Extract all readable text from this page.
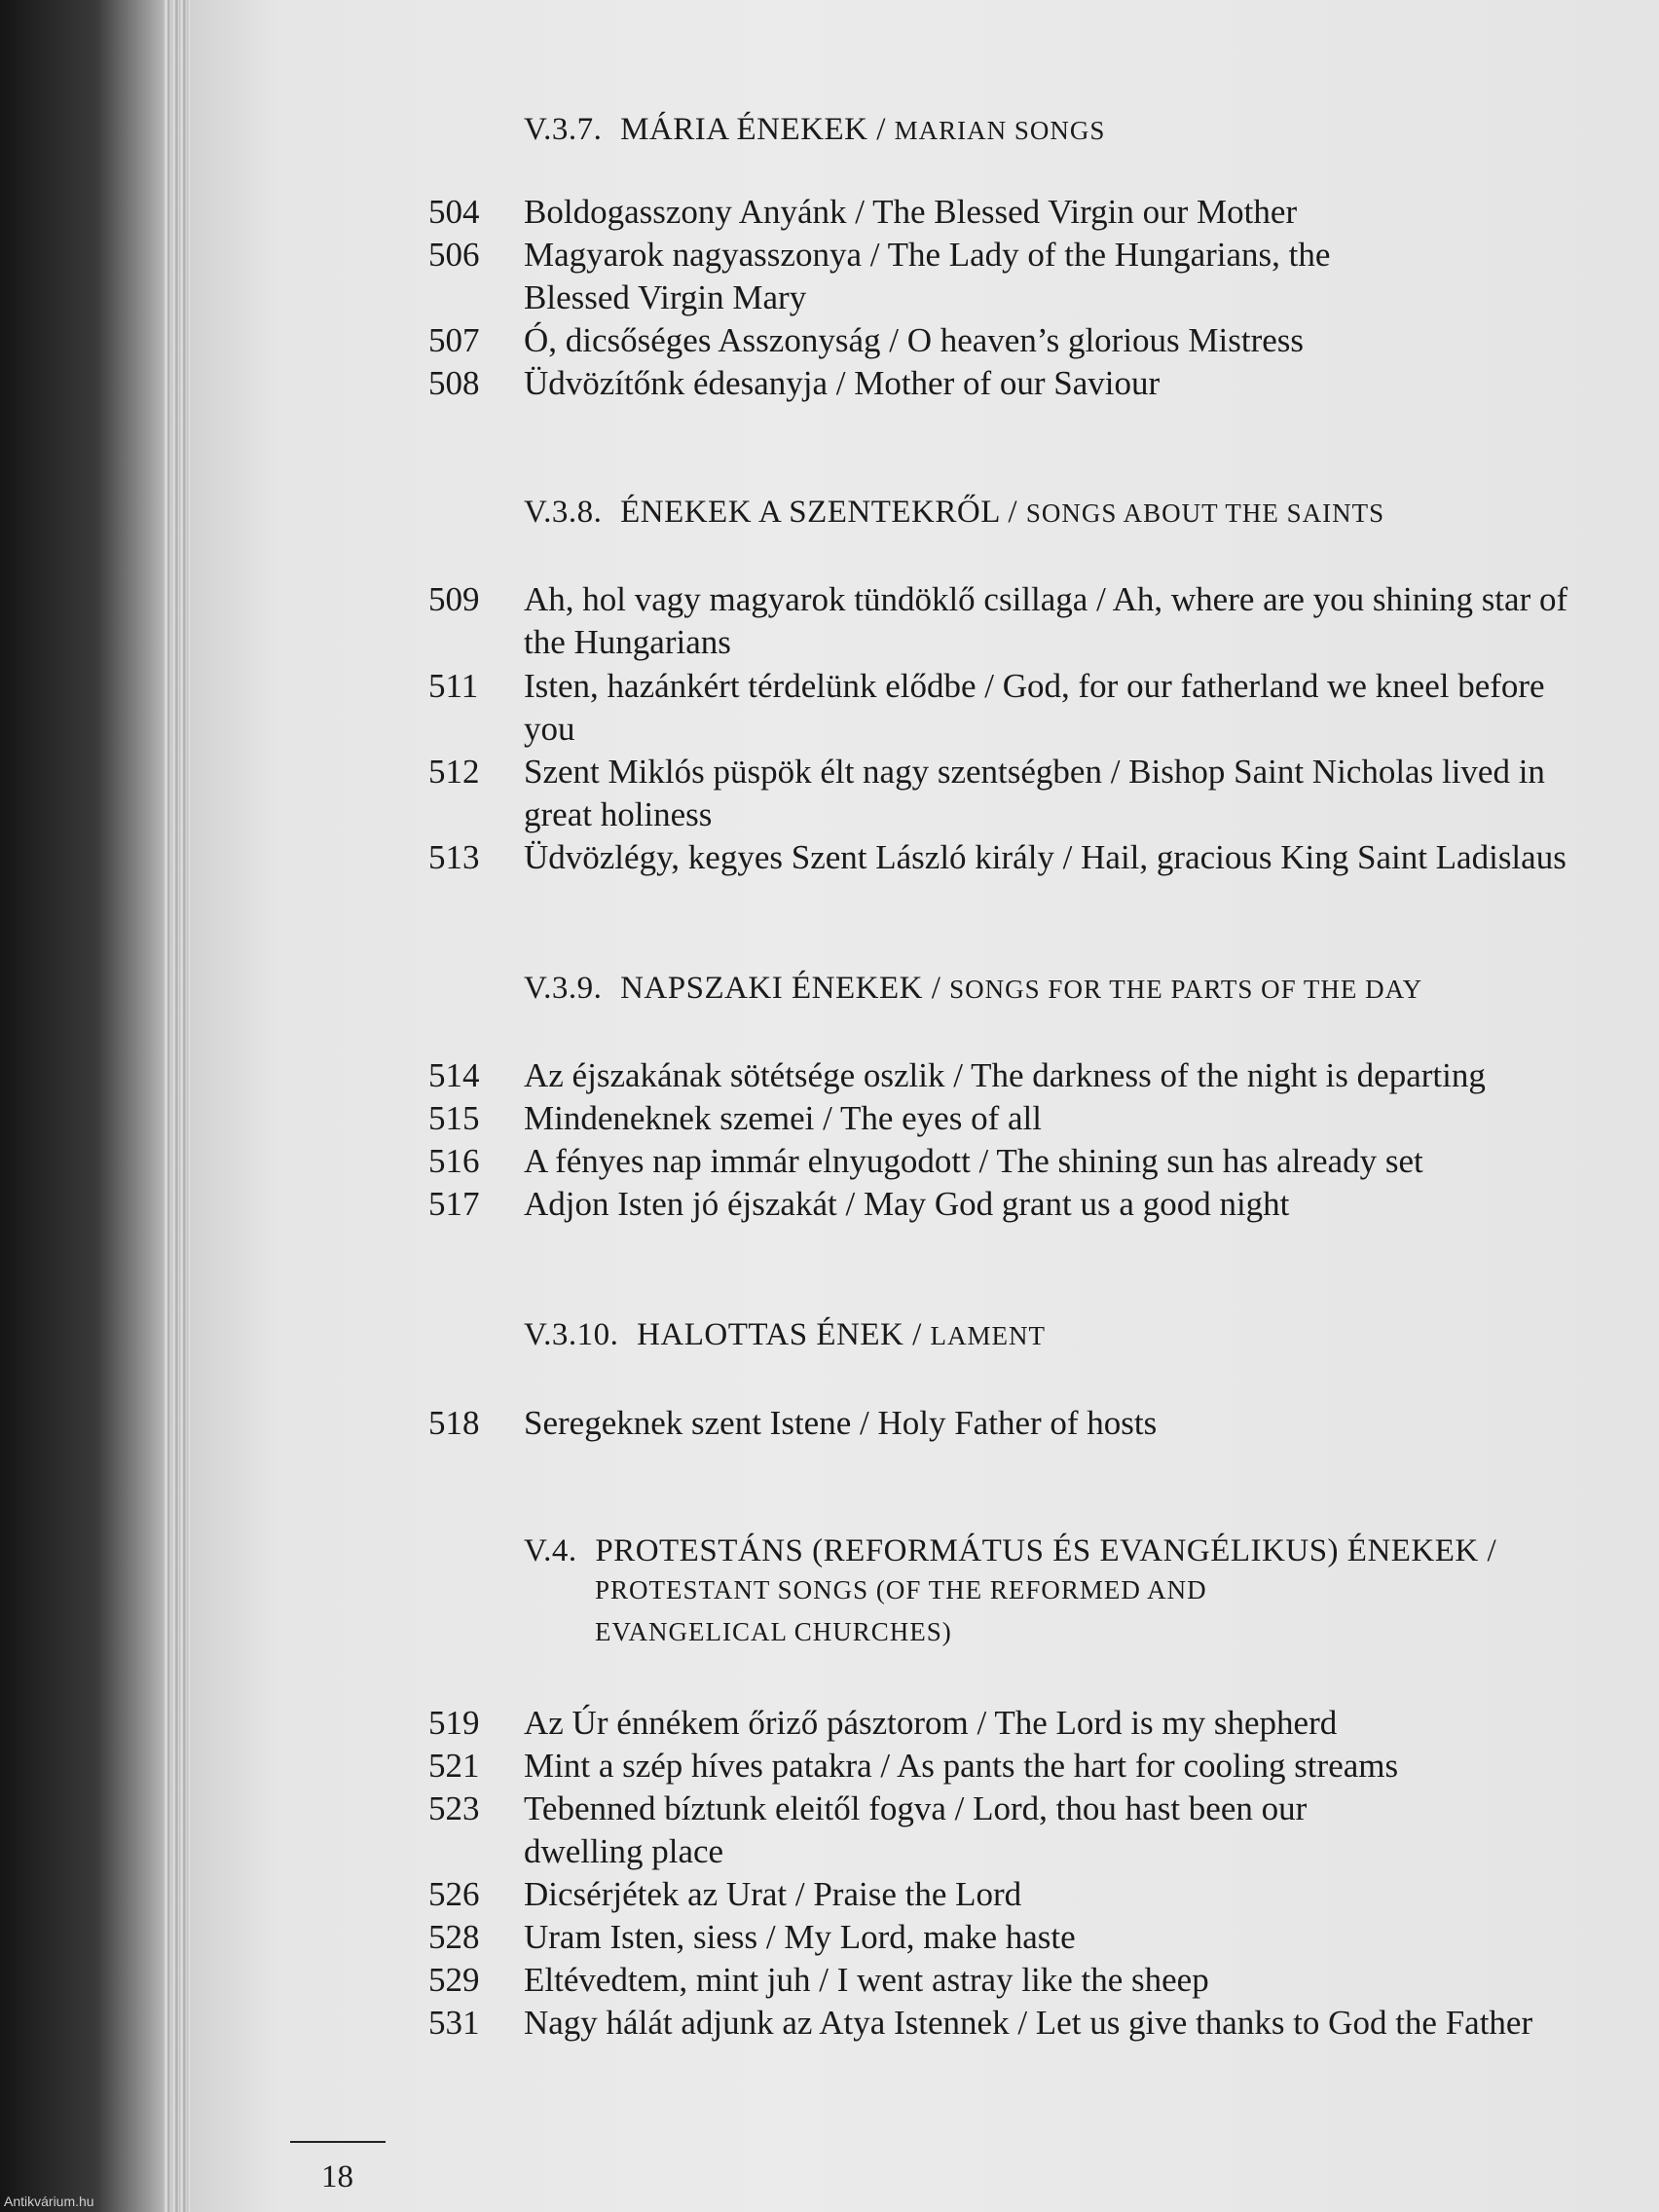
V.3.7. MÁRIA ÉNEKEK / MARIAN SONGS
504	Boldogasszony Anyánk / The Blessed Virgin our Mother
506	Magyarok nagyasszonya / The Lady of the Hungarians, the Blessed Virgin Mary
507	Ó, dicsőséges Asszonyság / O heaven’s glorious Mistress
508	Üdvözítőnk édesanyja / Mother of our Saviour
V.3.8. ÉNEKEK A SZENTEKRŐL / SONGS ABOUT THE SAINTS
509	Ah, hol vagy magyarok tündöklő csillaga / Ah, where are you shining star of the Hungarians
511	Isten, hazánkért térdelünk elődbe / God, for our fatherland we kneel before you
512	Szent Miklós püspök élt nagy szentségben / Bishop Saint Nicholas lived in great holiness
513	Üdvözlégy, kegyes Szent László király / Hail, gracious King Saint Ladislaus
V.3.9. NAPSZAKI ÉNEKEK / SONGS FOR THE PARTS OF THE DAY
514	Az éjszakának sötétsége oszlik / The darkness of the night is departing
515	Mindeneknek szemei / The eyes of all
516	A fényes nap immár elnyugodott / The shining sun has already set
517	Adjon Isten jó éjszakát / May God grant us a good night
V.3.10. HALOTTAS ÉNEK / LAMENT
518	Seregeknek szent Istene / Holy Father of hosts
V.4. PROTESTÁNS (REFORMÁTUS ÉS EVANGÉLIKUS) ÉNEKEK /
PROTESTANT SONGS (OF THE REFORMED AND
EVANGELICAL CHURCHES)
519	Az Úr énnékem őriző pásztorom / The Lord is my shepherd
521	Mint a szép híves patakra / As pants the hart for cooling streams
523	Tebenned bíztunk eleitől fogva / Lord, thou hast been our dwelling place
526	Dicsérjétek az Urat / Praise the Lord
528	Uram Isten, siess / My Lord, make haste
529	Eltévedtem, mint juh / I went astray like the sheep
531	Nagy hálát adjunk az Atya Istennek / Let us give thanks to God the Father
18
Antikvárium.hu
